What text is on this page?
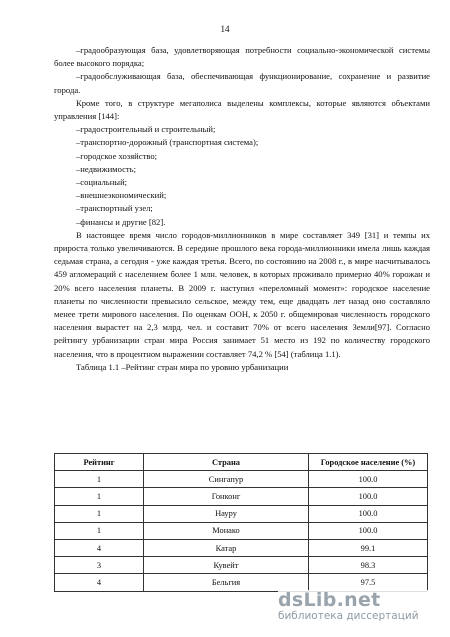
14

–градообразующая база, удовлетворяющая потребности социально-экономической системы более высокого порядка;

–градообслуживающая база, обеспечивающая функционирование, сохранение и развитие города.

Кроме того, в структуре мегаполиса выделены комплексы, которые являются объектами управления [144]:

–градостроительный и строительный;

–транспортно-дорожный (транспортная система);

–городское хозяйство;

–недвижимость;

–социальный;

–внешнеэкономический;

–транспортный узел;

–финансы и другие [82].

В настоящее время число городов-миллионников в мире составляет 349 [31] и темпы их прироста только увеличиваются. В середине прошлого века города-миллионники имела лишь каждая седьмая страна, а сегодня - уже каждая третья. Всего, по состоянию на 2008 г., в мире насчитывалось 459 агломераций с населением более 1 млн. человек, в которых проживало примерно 40% горожан и 20% всего населения планеты. В 2009 г. наступил «переломный момент»: городское население планеты по численности превысило сельское, между тем, еще двадцать лет назад оно составляло менее трети мирового населения. По оценкам ООН, к 2050 г. общемировая численность городского населения вырастет на 2,3 млрд. чел. и составит 70% от всего населения Земли[97]. Согласно рейтингу урбанизации стран мира Россия занимает 51 место из 192 по количеству городского населения, что в процентном выражении составляет 74,2 % [54] (таблица 1.1).

Таблица 1.1 –Рейтинг стран мира по уровню урбанизации

Рейтинг	Страна	Городское население (%)
1	Сингапур	100.0
1	Гонконг	100.0
1	Науру	100.0
1	Монако	100.0
4	Катар	99.1
3	Кувейт	98.3
4	Бельгия	97.5
dsLib.net
библиотека диссертаций
